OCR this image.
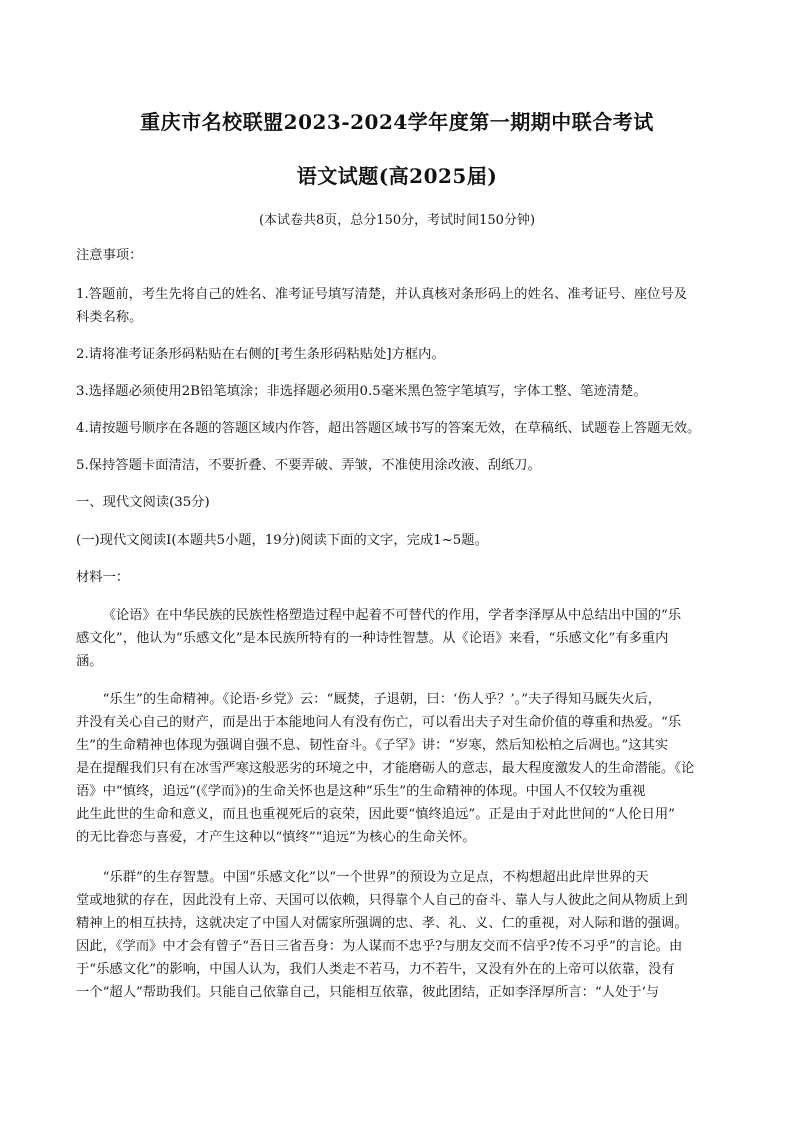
重庆市名校联盟2023-2024学年度第一期期中联合考试
语文试题(高2025届)
(本试卷共8页，总分150分，考试时间150分钟)
注意事项：
1.答题前，考生先将自己的姓名、准考证号填写清楚，并认真核对条形码上的姓名、准考证号、座位号及
科类名称。
2.请将准考证条形码粘贴在右侧的[考生条形码粘贴处]方框内。
3.选择题必须使用2B铅笔填涂；非选择题必须用0.5毫米黑色签字笔填写，字体工整、笔迹清楚。
4.请按题号顺序在各题的答题区域内作答，超出答题区域书写的答案无效，在草稿纸、试题卷上答题无效。
5.保持答题卡面清洁，不要折叠、不要弄破、弄皱，不准使用涂改液、刮纸刀。
一、现代文阅读(35分)
(一)现代文阅读I(本题共5小题，19分)阅读下面的文字，完成1~5题。
材料一：
《论语》在中华民族的民族性格塑造过程中起着不可替代的作用，学者李泽厚从中总结出中国的“乐
感文化”，他认为“乐感文化”是本民族所特有的一种诗性智慧。从《论语》来看，“乐感文化”有多重内
涵。
“乐生”的生命精神。《论语·乡党》云：“厩焚，子退朝，曰：‘伤人乎？’。”夫子得知马厩失火后，
并没有关心自己的财产，而是出于本能地问人有没有伤亡，可以看出夫子对生命价值的尊重和热爱。“乐
生”的生命精神也体现为强调自强不息、韧性奋斗。《子罕》讲：“岁寒，然后知松柏之后凋也。”这其实
是在提醒我们只有在冰雪严寒这般恶劣的环境之中，才能磨砺人的意志，最大程度激发人的生命潜能。《论
语》中“慎终，追远”(《学而》)的生命关怀也是这种“乐生”的生命精神的体现。中国人不仅较为重视
此生此世的生命和意义，而且也重视死后的哀荣，因此要“慎终追远”。正是由于对此世间的“人伦日用”
的无比眷恋与喜爱，才产生这种以“慎终”“追远”为核心的生命关怀。
“乐群”的生存智慧。中国“乐感文化”以“一个世界”的预设为立足点，不构想超出此岸世界的天
堂或地狱的存在，因此没有上帝、天国可以依赖，只得靠个人自己的奋斗、靠人与人彼此之间从物质上到
精神上的相互扶持，这就决定了中国人对儒家所强调的忠、孝、礼、义、仁的重视，对人际和谐的强调。
因此，《学而》中才会有曾子“吾日三省吾身：为人谋而不忠乎?与朋友交而不信乎?传不习乎”的言论。由
于“乐感文化”的影响，中国人认为，我们人类走不若马，力不若牛，又没有外在的上帝可以依靠，没有
一个“超人”帮助我们。只能自己依靠自己，只能相互依靠，彼此团结，正如李泽厚所言：“人处于‘与
